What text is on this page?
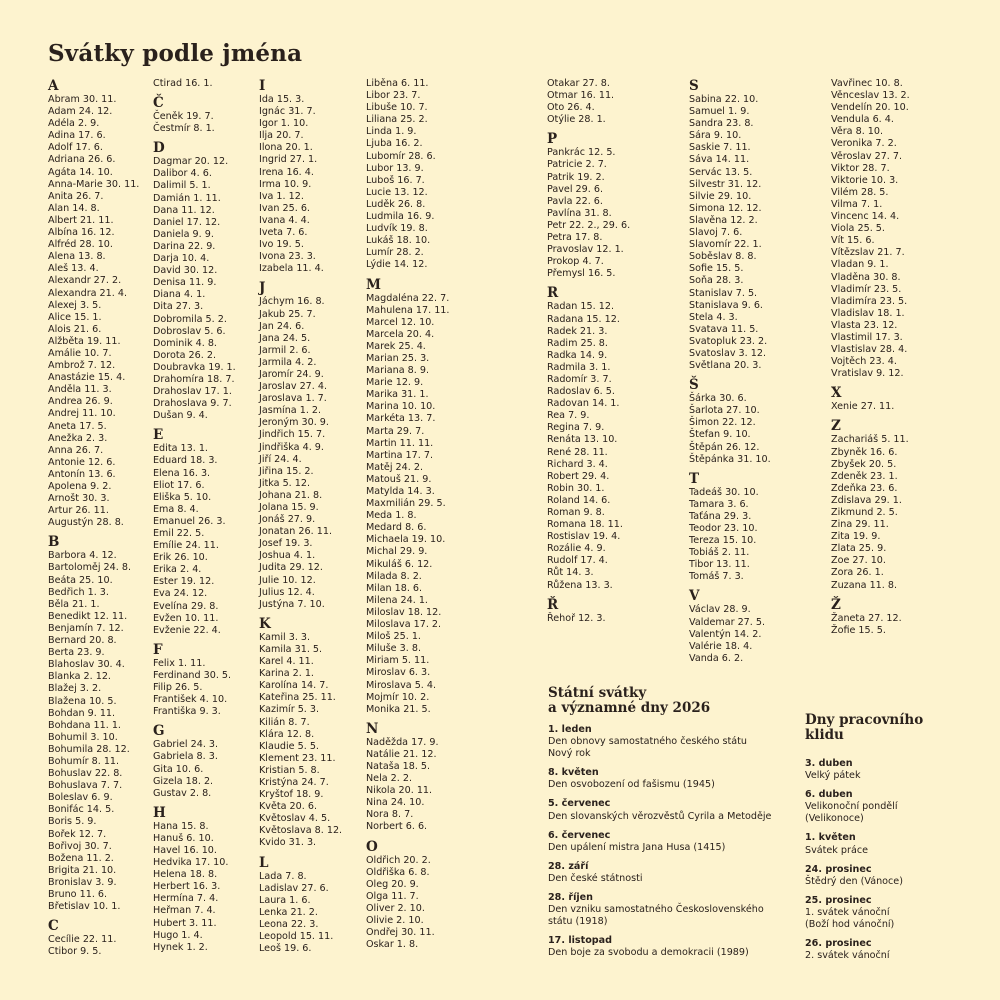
Svátky podle jména
A
Abram 30. 11.
Adam 24. 12.
Adéla 2. 9.
Adina 17. 6.
Adolf 17. 6.
Adriana 26. 6.
Agáta 14. 10.
Anna-Marie 30. 11.
Anita 26. 7.
Alan 14. 8.
Albert 21. 11.
Albína 16. 12.
Alfréd 28. 10.
Alena 13. 8.
Aleš 13. 4.
Alexandr 27. 2.
Alexandra 21. 4.
Alexej 3. 5.
Alice 15. 1.
Alois 21. 6.
Alžběta 19. 11.
Amálie 10. 7.
Ambrož 7. 12.
Anastázie 15. 4.
Anděla 11. 3.
Andrea 26. 9.
Andrej 11. 10.
Aneta 17. 5.
Anežka 2. 3.
Anna 26. 7.
Antonie 12. 6.
Antonín 13. 6.
Apolena 9. 2.
Arnošt 30. 3.
Artur 26. 11.
Augustýn 28. 8.
B
Barbora 4. 12.
Bartoloměj 24. 8.
Beáta 25. 10.
Bedřich 1. 3.
Běla 21. 1.
Benedikt 12. 11.
Benjamín 7. 12.
Bernard 20. 8.
Berta 23. 9.
Blahoslav 30. 4.
Blanka 2. 12.
Blažej 3. 2.
Blažena 10. 5.
Bohdan 9. 11.
Bohdana 11. 1.
Bohumil 3. 10.
Bohumila 28. 12.
Bohumír 8. 11.
Bohuslav 22. 8.
Bohuslava 7. 7.
Boleslav 6. 9.
Bonifác 14. 5.
Boris 5. 9.
Bořek 12. 7.
Bořivoj 30. 7.
Božena 11. 2.
Brigita 21. 10.
Bronislav 3. 9.
Bruno 11. 6.
Břetislav 10. 1.
C
Cecílie 22. 11.
Ctibor 9. 5.
Ctirad 16. 1.
Č
Čeněk 19. 7.
Čestmír 8. 1.
D
Dagmar 20. 12.
Dalibor 4. 6.
Dalimil 5. 1.
Damián 1. 11.
Dana 11. 12.
Daniel 17. 12.
Daniela 9. 9.
Darina 22. 9.
Darja 10. 4.
David 30. 12.
Denisa 11. 9.
Diana 4. 1.
Dita 27. 3.
Dobromila 5. 2.
Dobroslav 5. 6.
Dominik 4. 8.
Dorota 26. 2.
Doubravka 19. 1.
Drahomíra 18. 7.
Drahoslav 17. 1.
Drahoslava 9. 7.
Dušan 9. 4.
E
Edita 13. 1.
Eduard 18. 3.
Elena 16. 3.
Eliot 17. 6.
Eliška 5. 10.
Ema 8. 4.
Emanuel 26. 3.
Emil 22. 5.
Emílie 24. 11.
Erik 26. 10.
Erika 2. 4.
Ester 19. 12.
Eva 24. 12.
Evelína 29. 8.
Evžen 10. 11.
Evženie 22. 4.
F
Felix 1. 11.
Ferdinand 30. 5.
Filip 26. 5.
František 4. 10.
Františka 9. 3.
G
Gabriel 24. 3.
Gabriela 8. 3.
Gita 10. 6.
Gizela 18. 2.
Gustav 2. 8.
H
Hana 15. 8.
Hanuš 6. 10.
Havel 16. 10.
Hedvika 17. 10.
Helena 18. 8.
Herbert 16. 3.
Hermína 7. 4.
Heřman 7. 4.
Hubert 3. 11.
Hugo 1. 4.
Hynek 1. 2.
I
Ida 15. 3.
Ignác 31. 7.
Igor 1. 10.
Ilja 20. 7.
Ilona 20. 1.
Ingrid 27. 1.
Irena 16. 4.
Irma 10. 9.
Iva 1. 12.
Ivan 25. 6.
Ivana 4. 4.
Iveta 7. 6.
Ivo 19. 5.
Ivona 23. 3.
Izabela 11. 4.
J
Jáchym 16. 8.
Jakub 25. 7.
Jan 24. 6.
Jana 24. 5.
Jarmil 2. 6.
Jarmila 4. 2.
Jaromír 24. 9.
Jaroslav 27. 4.
Jaroslava 1. 7.
Jasmína 1. 2.
Jeroným 30. 9.
Jindřich 15. 7.
Jindřiška 4. 9.
Jiří 24. 4.
Jiřina 15. 2.
Jitka 5. 12.
Johana 21. 8.
Jolana 15. 9.
Jonáš 27. 9.
Jonatan 26. 11.
Josef 19. 3.
Joshua 4. 1.
Judita 29. 12.
Julie 10. 12.
Julius 12. 4.
Justýna 7. 10.
K
Kamil 3. 3.
Kamila 31. 5.
Karel 4. 11.
Karina 2. 1.
Karolína 14. 7.
Kateřina 25. 11.
Kazimír 5. 3.
Kilián 8. 7.
Klára 12. 8.
Klaudie 5. 5.
Klement 23. 11.
Kristian 5. 8.
Kristýna 24. 7.
Kryštof 18. 9.
Květa 20. 6.
Květoslav 4. 5.
Květoslava 8. 12.
Kvido 31. 3.
L
Lada 7. 8.
Ladislav 27. 6.
Laura 1. 6.
Lenka 21. 2.
Leona 22. 3.
Leopold 15. 11.
Leoš 19. 6.
Liběna 6. 11.
Libor 23. 7.
Libuše 10. 7.
Liliana 25. 2.
Linda 1. 9.
Ljuba 16. 2.
Lubomír 28. 6.
Lubor 13. 9.
Luboš 16. 7.
Lucie 13. 12.
Luděk 26. 8.
Ludmila 16. 9.
Ludvík 19. 8.
Lukáš 18. 10.
Lumír 28. 2.
Lýdie 14. 12.
M
Magdaléna 22. 7.
Mahulena 17. 11.
Marcel 12. 10.
Marcela 20. 4.
Marek 25. 4.
Marian 25. 3.
Mariana 8. 9.
Marie 12. 9.
Marika 31. 1.
Marina 10. 10.
Markéta 13. 7.
Marta 29. 7.
Martin 11. 11.
Martina 17. 7.
Matěj 24. 2.
Matouš 21. 9.
Matylda 14. 3.
Maxmilián 29. 5.
Meda 1. 8.
Medard 8. 6.
Michaela 19. 10.
Michal 29. 9.
Mikuláš 6. 12.
Milada 8. 2.
Milan 18. 6.
Milena 24. 1.
Miloslav 18. 12.
Miloslava 17. 2.
Miloš 25. 1.
Miluše 3. 8.
Miriam 5. 11.
Miroslav 6. 3.
Miroslava 5. 4.
Mojmír 10. 2.
Monika 21. 5.
N
Naděžda 17. 9.
Natálie 21. 12.
Nataša 18. 5.
Nela 2. 2.
Nikola 20. 11.
Nina 24. 10.
Nora 8. 7.
Norbert 6. 6.
O
Oldřich 20. 2.
Oldřiška 6. 8.
Oleg 20. 9.
Olga 11. 7.
Oliver 2. 10.
Olivie 2. 10.
Ondřej 30. 11.
Oskar 1. 8.
Otakar 27. 8.
Otmar 16. 11.
Oto 26. 4.
Otýlie 28. 1.
P
Pankrác 12. 5.
Patricie 2. 7.
Patrik 19. 2.
Pavel 29. 6.
Pavla 22. 6.
Pavlína 31. 8.
Petr 22. 2., 29. 6.
Petra 17. 8.
Pravoslav 12. 1.
Prokop 4. 7.
Přemysl 16. 5.
R
Radan 15. 12.
Radana 15. 12.
Radek 21. 3.
Radim 25. 8.
Radka 14. 9.
Radmila 3. 1.
Radomír 3. 7.
Radoslav 6. 5.
Radovan 14. 1.
Rea 7. 9.
Regina 7. 9.
Renáta 13. 10.
René 28. 11.
Richard 3. 4.
Robert 29. 4.
Robin 30. 1.
Roland 14. 6.
Roman 9. 8.
Romana 18. 11.
Rostislav 19. 4.
Rozálie 4. 9.
Rudolf 17. 4.
Růt 14. 3.
Růžena 13. 3.
Ř
Řehoř 12. 3.
S
Sabina 22. 10.
Samuel 1. 9.
Sandra 23. 8.
Sára 9. 10.
Saskie 7. 11.
Sáva 14. 11.
Servác 13. 5.
Silvestr 31. 12.
Silvie 29. 10.
Simona 12. 12.
Slavěna 12. 2.
Slavoj 7. 6.
Slavomír 22. 1.
Soběslav 8. 8.
Sofie 15. 5.
Soňa 28. 3.
Stanislav 7. 5.
Stanislava 9. 6.
Stela 4. 3.
Svatava 11. 5.
Svatopluk 23. 2.
Svatoslav 3. 12.
Světlana 20. 3.
Š
Šárka 30. 6.
Šarlota 27. 10.
Šimon 22. 12.
Štefan 9. 10.
Štěpán 26. 12.
Štěpánka 31. 10.
T
Tadeáš 30. 10.
Tamara 3. 6.
Taťána 29. 3.
Teodor 23. 10.
Tereza 15. 10.
Tobiáš 2. 11.
Tibor 13. 11.
Tomáš 7. 3.
V
Václav 28. 9.
Valdemar 27. 5.
Valentýn 14. 2.
Valérie 18. 4.
Vanda 6. 2.
Vavřinec 10. 8.
Věnceslav 13. 2.
Vendelín 20. 10.
Vendula 6. 4.
Věra 8. 10.
Veronika 7. 2.
Věroslav 27. 7.
Viktor 28. 7.
Viktorie 10. 3.
Vilém 28. 5.
Vilma 7. 1.
Vincenc 14. 4.
Viola 25. 5.
Vít 15. 6.
Vítězslav 21. 7.
Vladan 9. 1.
Vladěna 30. 8.
Vladimír 23. 5.
Vladimíra 23. 5.
Vladislav 18. 1.
Vlasta 23. 12.
Vlastimil 17. 3.
Vlastislav 28. 4.
Vojtěch 23. 4.
Vratislav 9. 12.
X
Xenie 27. 11.
Z
Zachariáš 5. 11.
Zbyněk 16. 6.
Zbyšek 20. 5.
Zdeněk 23. 1.
Zdeňka 23. 6.
Zdislava 29. 1.
Zikmund 2. 5.
Zina 29. 11.
Zita 19. 9.
Zlata 25. 9.
Zoe 27. 10.
Zora 26. 1.
Zuzana 11. 8.
Ž
Žaneta 27. 12.
Žofie 15. 5.
Státní svátky
a významné dny 2026
1. leden
Den obnovy samostatného českého státu
Nový rok
8. květen
Den osvobození od fašismu (1945)
5. červenec
Den slovanských věrozvěstů Cyrila a Metoděje
6. červenec
Den upálení mistra Jana Husa (1415)
28. září
Den české státnosti
28. říjen
Den vzniku samostatného Československého
státu (1918)
17. listopad
Den boje za svobodu a demokracii (1989)
Dny pracovního
klidu
3. duben
Velký pátek
6. duben
Velikonoční pondělí
(Velikonoce)
1. květen
Svátek práce
24. prosinec
Štědrý den (Vánoce)
25. prosinec
1. svátek vánoční
(Boží hod vánoční)
26. prosinec
2. svátek vánoční
